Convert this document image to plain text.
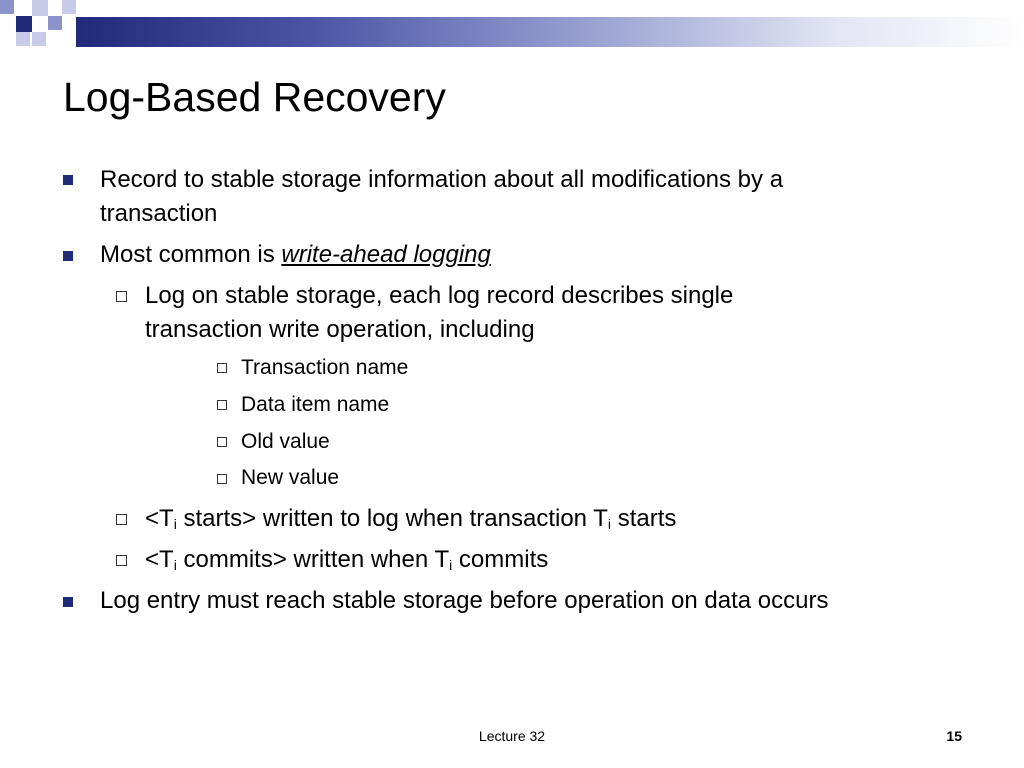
Log-Based Recovery
Record to stable storage information about all modifications by a
transaction
Most common is write-ahead logging
Log on stable storage, each log record describes single
transaction write operation, including
Transaction name
Data item name
Old value
New value
$<T_i$ starts> written to log when transaction $T_i$ starts
$<T_i$ commits> written when $T_i$ commits
Log entry must reach stable storage before operation on data occurs
Lecture 32	15
